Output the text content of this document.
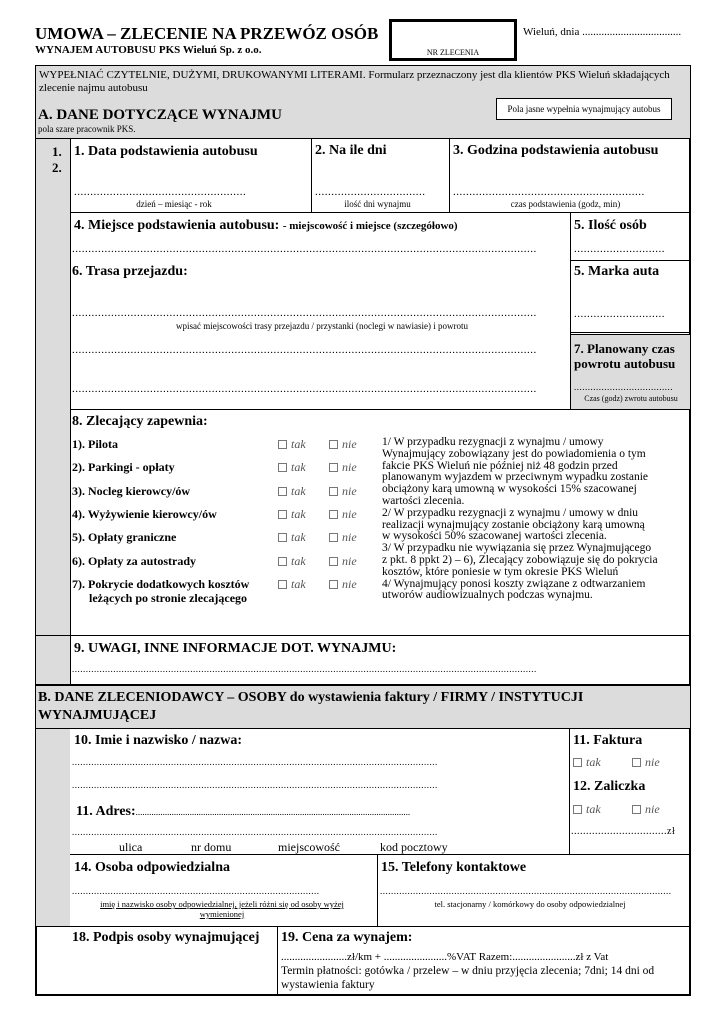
UMOWA – ZLECENIE NA PRZEWÓZ OSÓB
WYNAJEM AUTOBUSU PKS Wieluń Sp. z o.o.	NR ZLECENIA
Wieluń, dnia ....................................
WYPEŁNIAĆ CZYTELNIE, DUŻYMI, DRUKOWANYMI LITERAMI. Formularz przeznaczony jest dla klientów PKS Wieluń składających zlecenie najmu autobusu
A. DANE DOTYCZĄCE WYNAJMU
pola szare pracownik PKS.
Pola jasne wypełnia wynajmujący autobus
1.
2.
1. Data podstawienia autobusu
.....................................................
dzień – miesiąc - rok
2. Na ile dni
..................................
ilość dni wynajmu
3. Godzina podstawienia autobusu
...........................................................
czas podstawienia (godz, min)
4. Miejsce podstawienia autobusu: - miejscowość i miejsce (szczegółowo)
...............................................................................................................................................
5. Ilość osób
............................
6. Trasa przejazdu:
...............................................................................................................................................
wpisać miejscowości trasy przejazdu / przystanki (noclegi w nawiasie) i powrotu
...............................................................................................................................................
...............................................................................................................................................
5. Marka auta
............................
7. Planowany czas powrotu autobusu
....................................
Czas (godz) zwrotu autobusu
8. Zlecający zapewnia:
1). Pilota	tak	nie
2). Parkingi - opłaty	tak	nie
3). Nocleg kierowcy/ów	tak	nie
4). Wyżywienie kierowcy/ów	tak	nie
5). Opłaty graniczne	tak	nie
6). Opłaty za autostrady	tak	nie
7). Pokrycie dodatkowych kosztów
leżących po stronie zlecającego
tak	nie
1/ W przypadku rezygnacji z wynajmu / umowy
Wynajmujący zobowiązany jest do powiadomienia o tym
fakcie PKS Wieluń nie później niż 48 godzin przed
planowanym wyjazdem w przeciwnym wypadku zostanie
obciążony karą umowną w wysokości 15% szacowanej
wartości zlecenia.
2/ W przypadku rezygnacji z wynajmu / umowy w dniu
realizacji wynajmujący zostanie obciążony karą umowną
w wysokości 50% szacowanej wartości zlecenia.
3/ W przypadku nie wywiązania się przez Wynajmującego
z pkt. 8 ppkt 2) – 6), Zlecający zobowiązuje się do pokrycia
kosztów, które poniesie w tym okresie PKS Wieluń
4/ Wynajmujący ponosi koszty związane z odtwarzaniem
utworów audiowizualnych podczas wynajmu.
9. UWAGI, INNE INFORMACJE DOT. WYNAJMU:
.........................................................................................................................................................................
B. DANE ZLECENIODAWCY – OSOBY do wystawienia faktury / FIRMY / INSTYTUCJI
WYNAJMUJĄCEJ
10. Imie i nazwisko / nazwa:
.....................................................................................................................................
.....................................................................................................................................
11. Adres:..........................................................................................................................
.....................................................................................................................................
ulica	nr domu	miejscowość	kod pocztowy
11. Faktura
tak	nie
12. Zaliczka
tak	nie
................................zł
14. Osoba odpowiedzialna
..........................................................................................
imię i nazwisko osoby odpowiedzialnej, jeżeli różni się od osoby wyżej
wymienionej
15. Telefony kontaktowe
..........................................................................................................
tel. stacjonarny / komórkowy do osoby odpowiedzialnej
18. Podpis osoby wynajmującej 19. Cena za wynajem:
........................zł/km + .......................%VAT Razem:.......................zł z Vat
Termin płatności: gotówka / przelew – w dniu przyjęcia zlecenia; 7dni; 14 dni od
wystawienia faktury
